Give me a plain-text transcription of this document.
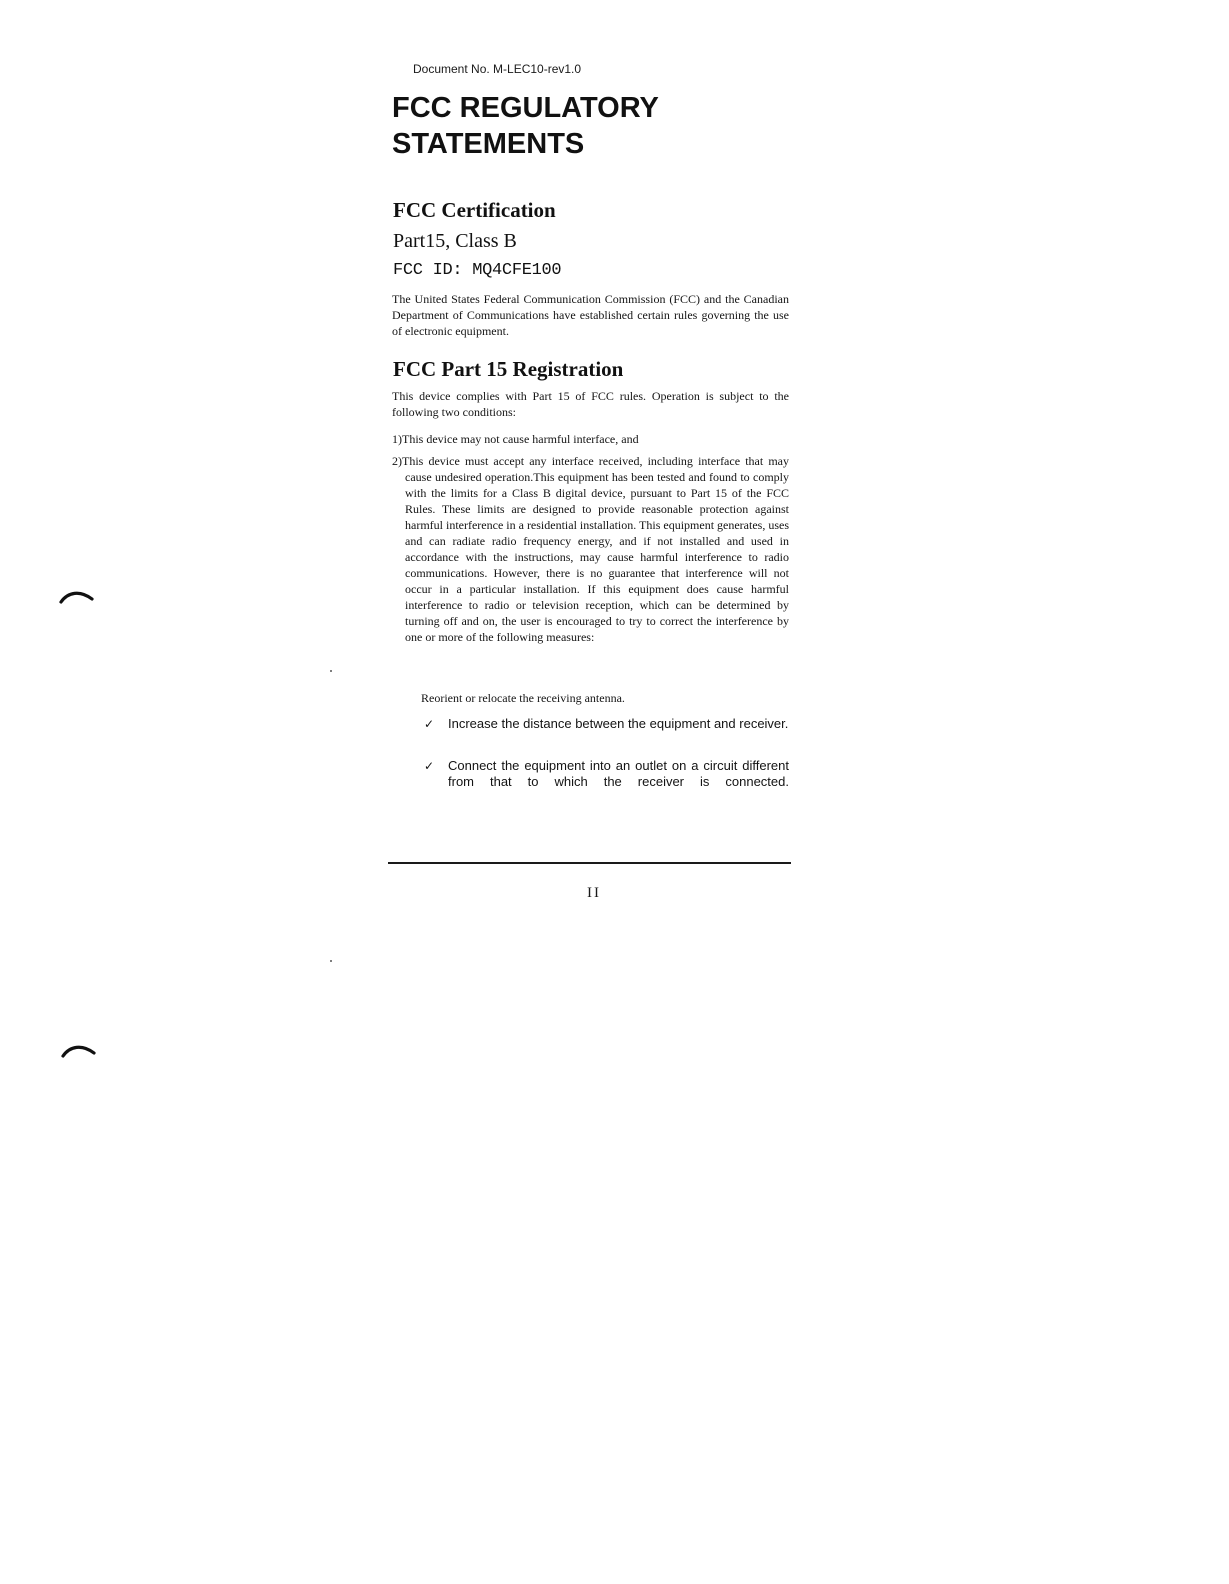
Document No. M-LEC10-rev1.0
FCC REGULATORY
STATEMENTS
FCC Certification
Part15, Class B
FCC ID: MQ4CFE100

The United States Federal Communication Commission (FCC) and the Canadian Department of Communications have established certain rules governing the use of electronic equipment.

FCC Part 15 Registration

This device complies with Part 15 of FCC rules. Operation is subject to the following two conditions:

1)This device may not cause harmful interface, and

2)This device must accept any interface received, including interface that may cause undesired operation.This equipment has been tested and found to comply with the limits for a Class B digital device, pursuant to Part 15 of the FCC Rules. These limits are designed to provide reasonable protection against harmful interference in a residential installation. This equipment generates, uses and can radiate radio frequency energy, and if not installed and used in accordance with the instructions, may cause harmful interference to radio communications. However, there is no guarantee that interference will not occur in a particular installation. If this equipment does cause harmful interference to radio or television reception, which can be determined by turning off and on, the user is encouraged to try to correct the interference by one or more of the following measures:

Reorient or relocate the receiving antenna.
✓	Increase the distance between the equipment and receiver.
✓	Connect the equipment into an outlet on a circuit different from that to which the receiver is connected.
II
